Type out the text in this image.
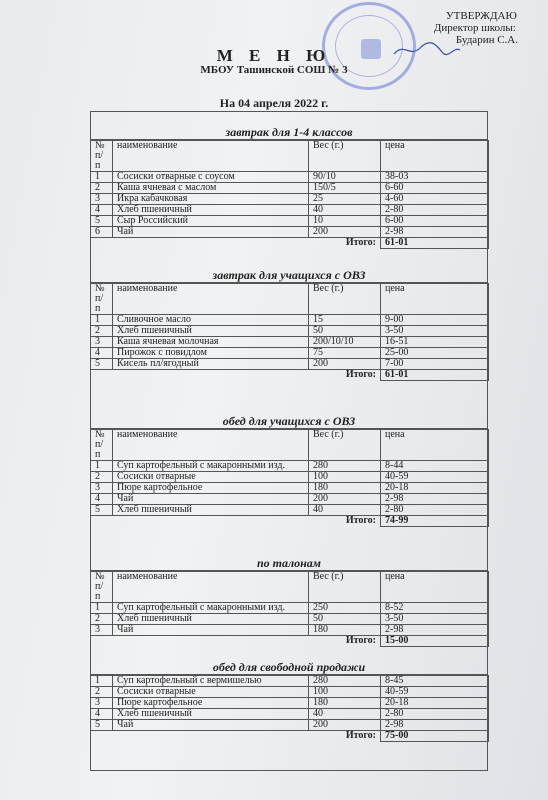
УТВЕРЖДАЮ
Директор школы:
Бударин С.А.
М Е Н Ю
МБОУ Ташинской СОШ № 3
На 04 апреля 2022 г.
завтрак для 1-4 классов
№ п/п	наименование	Вес (г.)	цена
1	Сосиски отварные с соусом	90/10	38-03
2	Каша ячневая с маслом	150/5	6-60
3	Икра кабачковая	25	4-60
4	Хлеб пшеничный	40	2-80
5	Сыр Российский	10	6-00
6	Чай	200	2-98
Итого:			61-01
завтрак для учащихся с ОВЗ
№ п/п	наименование	Вес (г.)	цена
1	Сливочное масло	15	9-00
2	Хлеб пшеничный	50	3-50
3	Каша ячневая молочная	200/10/10	16-51
4	Пирожок с повидлом	75	25-00
5	Кисель пл/ягодный	200	7-00
Итого:			61-01
обед для учащихся с ОВЗ
№ п/п	наименование	Вес (г.)	цена
1	Суп картофельный с макаронными изд.	280	8-44
2	Сосиски отварные	100	40-59
3	Пюре картофельное	180	20-18
4	Чай	200	2-98
5	Хлеб пшеничный	40	2-80
Итого:			74-99
по талонам
№ п/п	наименование	Вес (г.)	цена
1	Суп картофельный с макаронными изд.	250	8-52
2	Хлеб пшеничный	50	3-50
3	Чай	180	2-98
Итого:			15-00
обед для свободной продажи
1	Суп картофельный с вермишелью	280	8-45
2	Сосиски отварные	100	40-59
3	Пюре картофельное	180	20-18
4	Хлеб пшеничный	40	2-80
5	Чай	200	2-98
Итого:			75-00
